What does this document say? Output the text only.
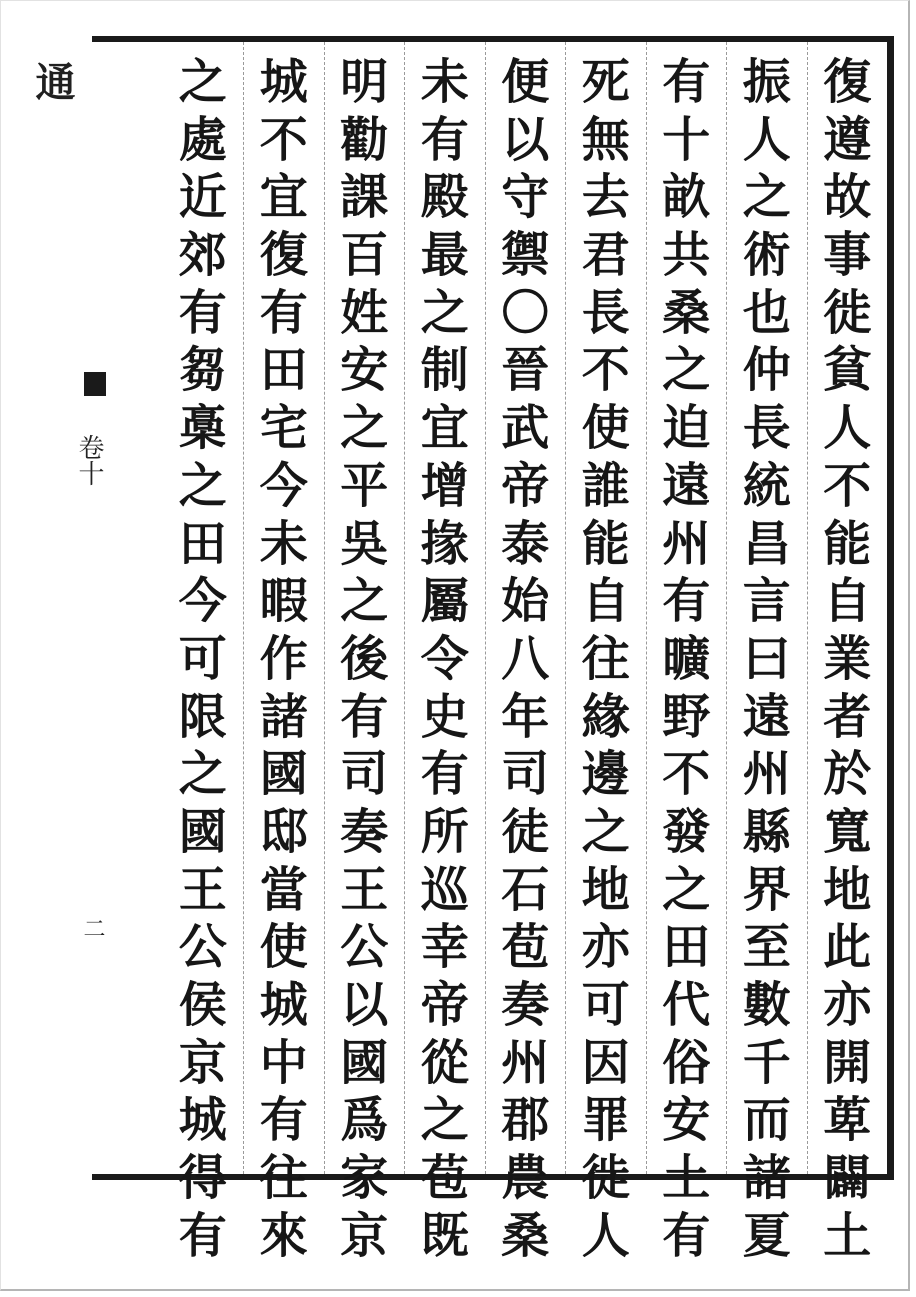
通
卷十
二
復
遵
故
事
徙
貧
人
不
能
自
業
者
於
寬
地
此
亦
開
萆
闢
土
振
人
之
術
也
仲
長
統
昌
言
曰
遠
州
縣
界
至
數
千
而
諸
夏
有
十
畝
共
桑
之
迫
遠
州
有
曠
野
不
發
之
田
代
俗
安
土
有
死
無
去
君
長
不
使
誰
能
自
往
緣
邊
之
地
亦
可
因
罪
徙
人
便
以
守
禦
〇
晉
武
帝
泰
始
八
年
司
徒
石
苞
奏
州
郡
農
桑
未
有
殿
最
之
制
宜
增
掾
屬
令
史
有
所
巡
幸
帝
從
之
苞
既
明
勸
課
百
姓
安
之
平
吳
之
後
有
司
奏
王
公
以
國
爲
家
京
城
不
宜
復
有
田
宅
今
未
暇
作
諸
國
邸
當
使
城
中
有
往
來
之
處
近
郊
有
芻
槀
之
田
今
可
限
之
國
王
公
侯
京
城
得
有
